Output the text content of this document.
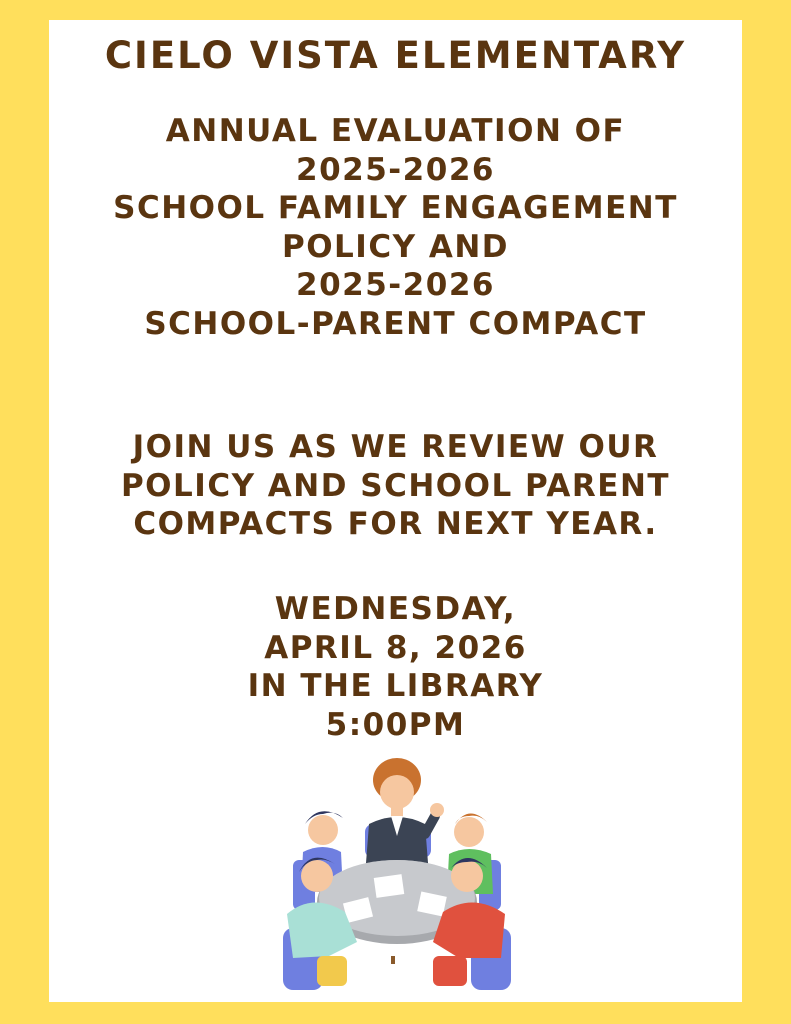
CIELO VISTA ELEMENTARY
ANNUAL EVALUATION OF
2025-2026
SCHOOL FAMILY ENGAGEMENT
POLICY AND
2025-2026
SCHOOL-PARENT COMPACT
JOIN US AS WE REVIEW OUR
POLICY AND SCHOOL PARENT
COMPACTS FOR NEXT YEAR.
WEDNESDAY,
APRIL 8, 2026
IN THE LIBRARY
5:00PM
